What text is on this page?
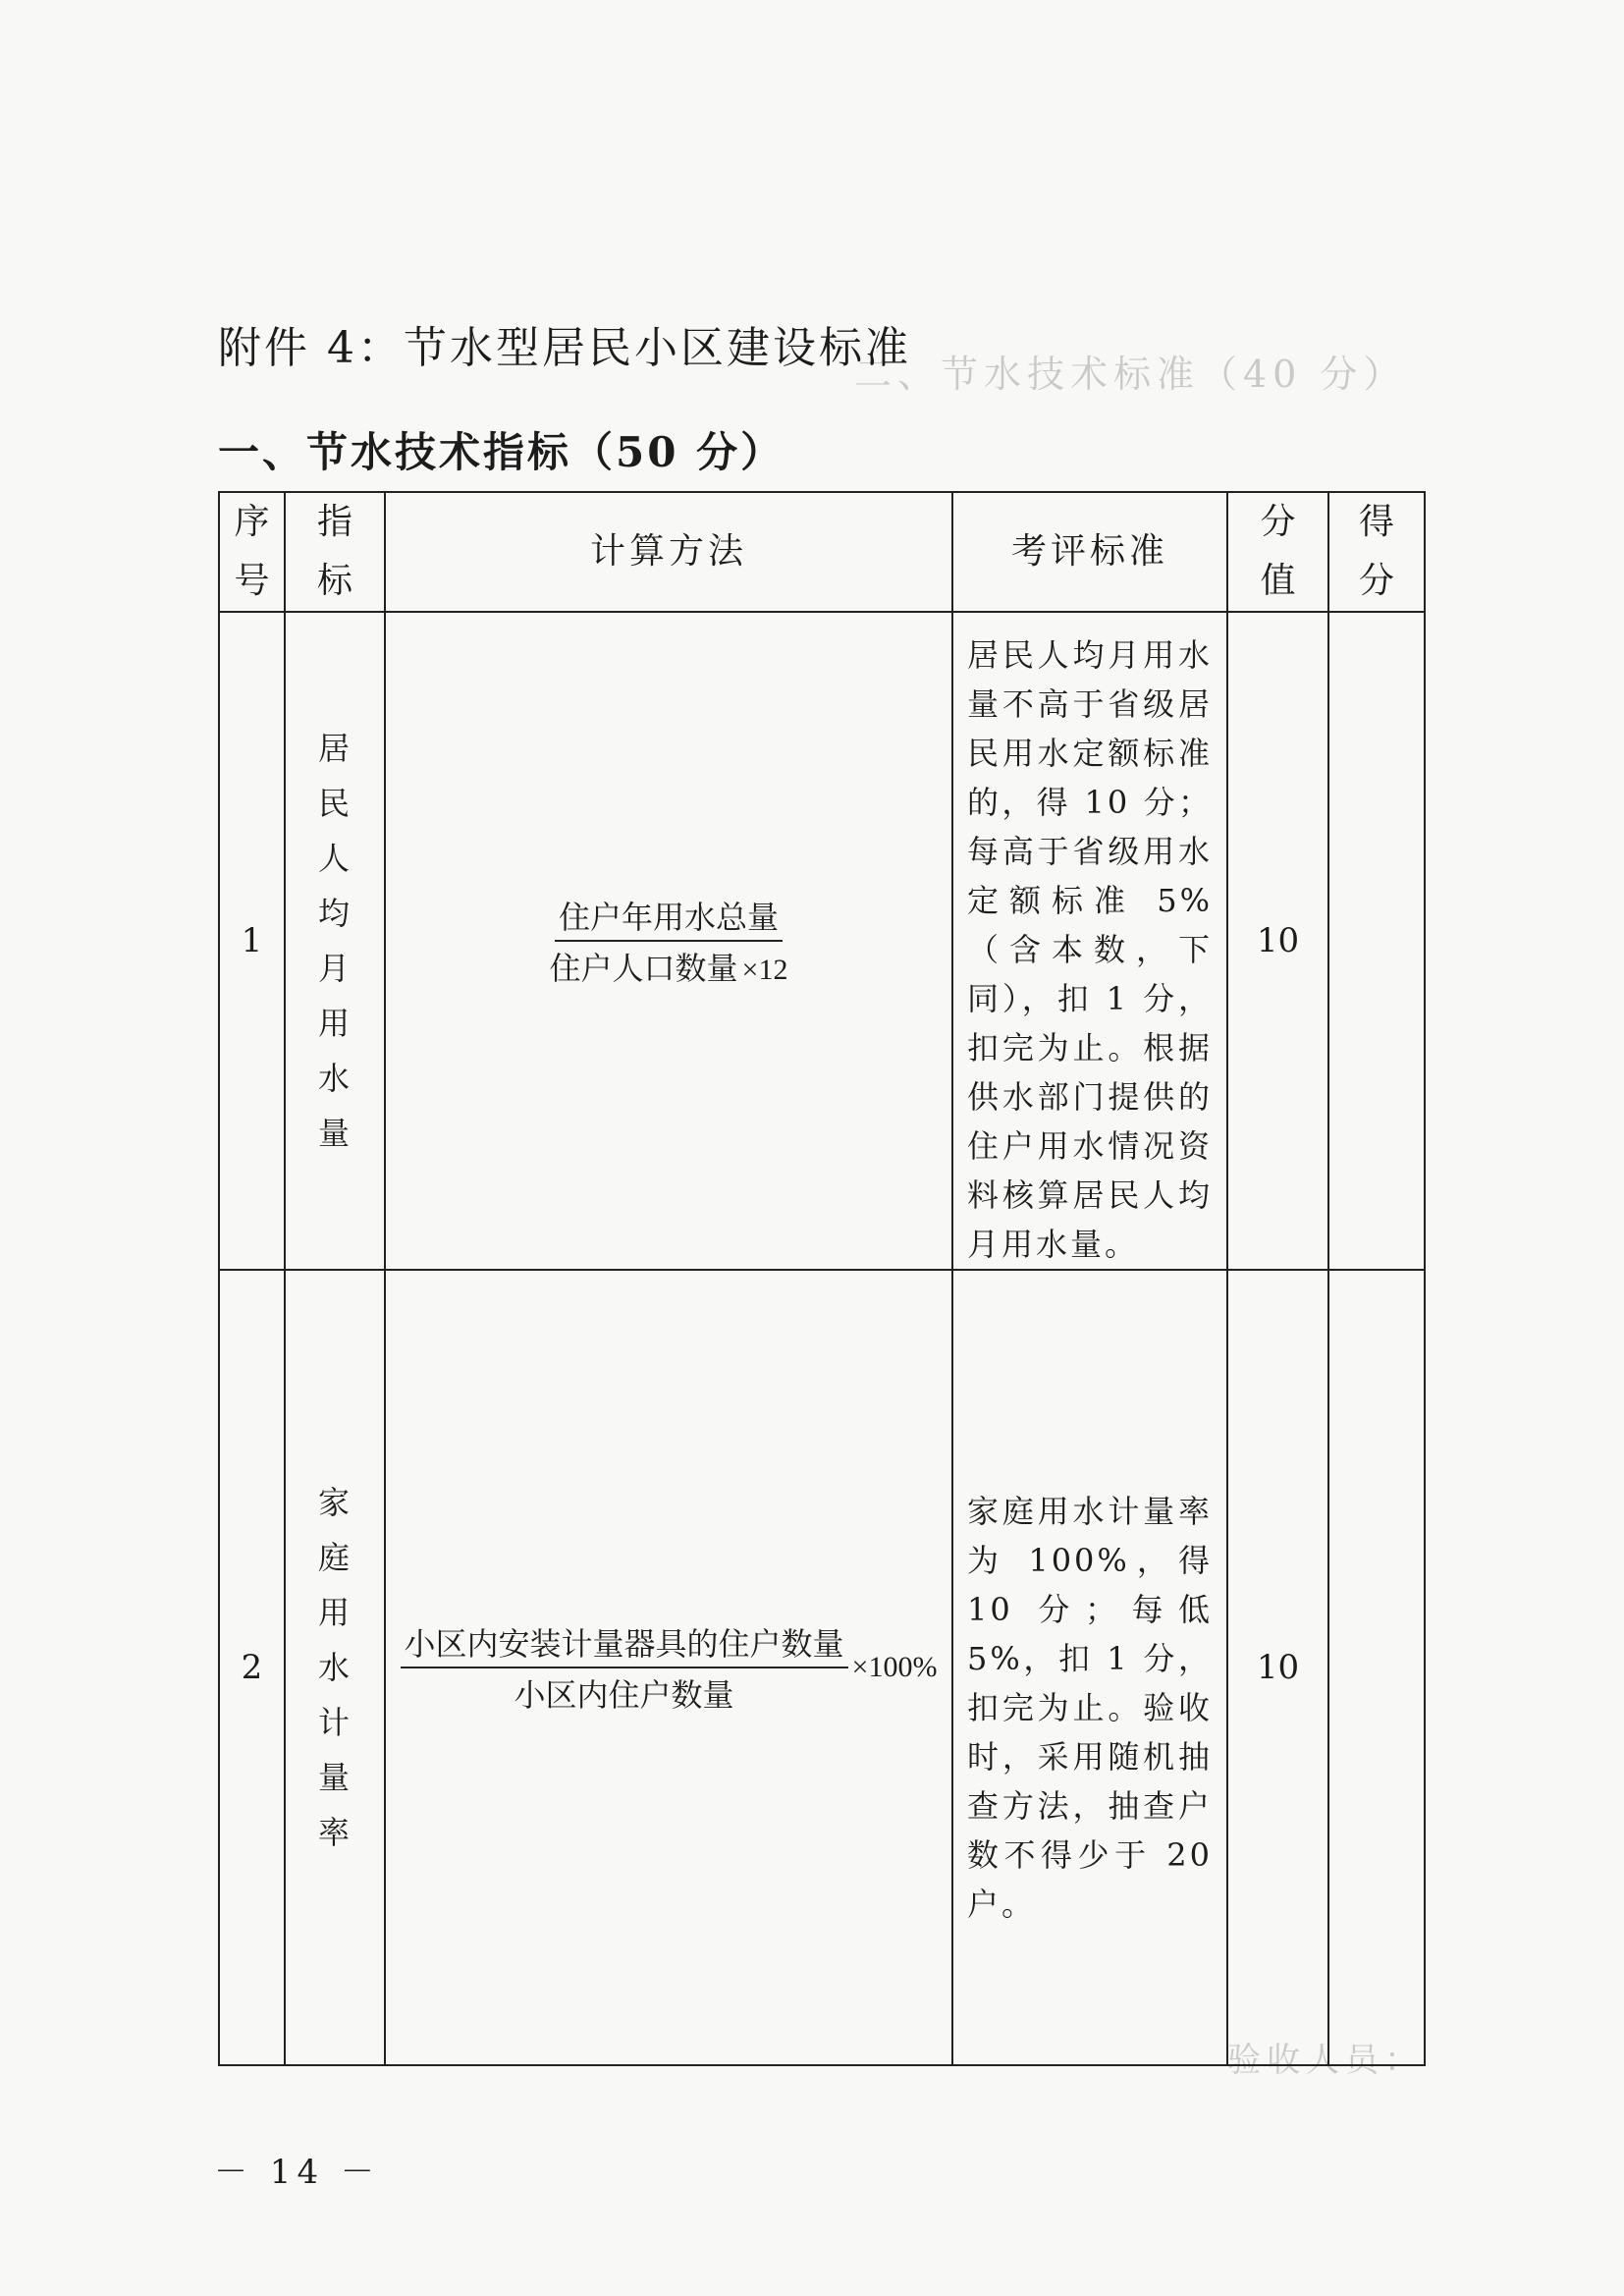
二、节水技术标准（40 分）
验收人员：
附件 4：节水型居民小区建设标准
一、节水技术指标（50 分）
序号	指标	计算方法	考评标准	分值	得分
1	居民人均月用水量	$\frac{\text{住户年用水总量}}{\text{住户人口数量 ×12}}$	居民人均月用水量不高于省级居民用水定额标准的，得 10 分；每高于省级用水定额标准 5%（含本数，下同），扣 1 分，扣完为止。根据供水部门提供的住户用水情况资料核算居民人均月用水量。	10	
2	家庭用水计量率	$\frac{\text{小区内安装计量器具的住户数量}}{\text{小区内住户数量}} \times 100\%$	家庭用水计量率为 100%，得 10 分；每低 5%，扣 1 分，扣完为止。验收时，采用随机抽查方法，抽查户数不得少于 20 户。	10	
－ 14 －
